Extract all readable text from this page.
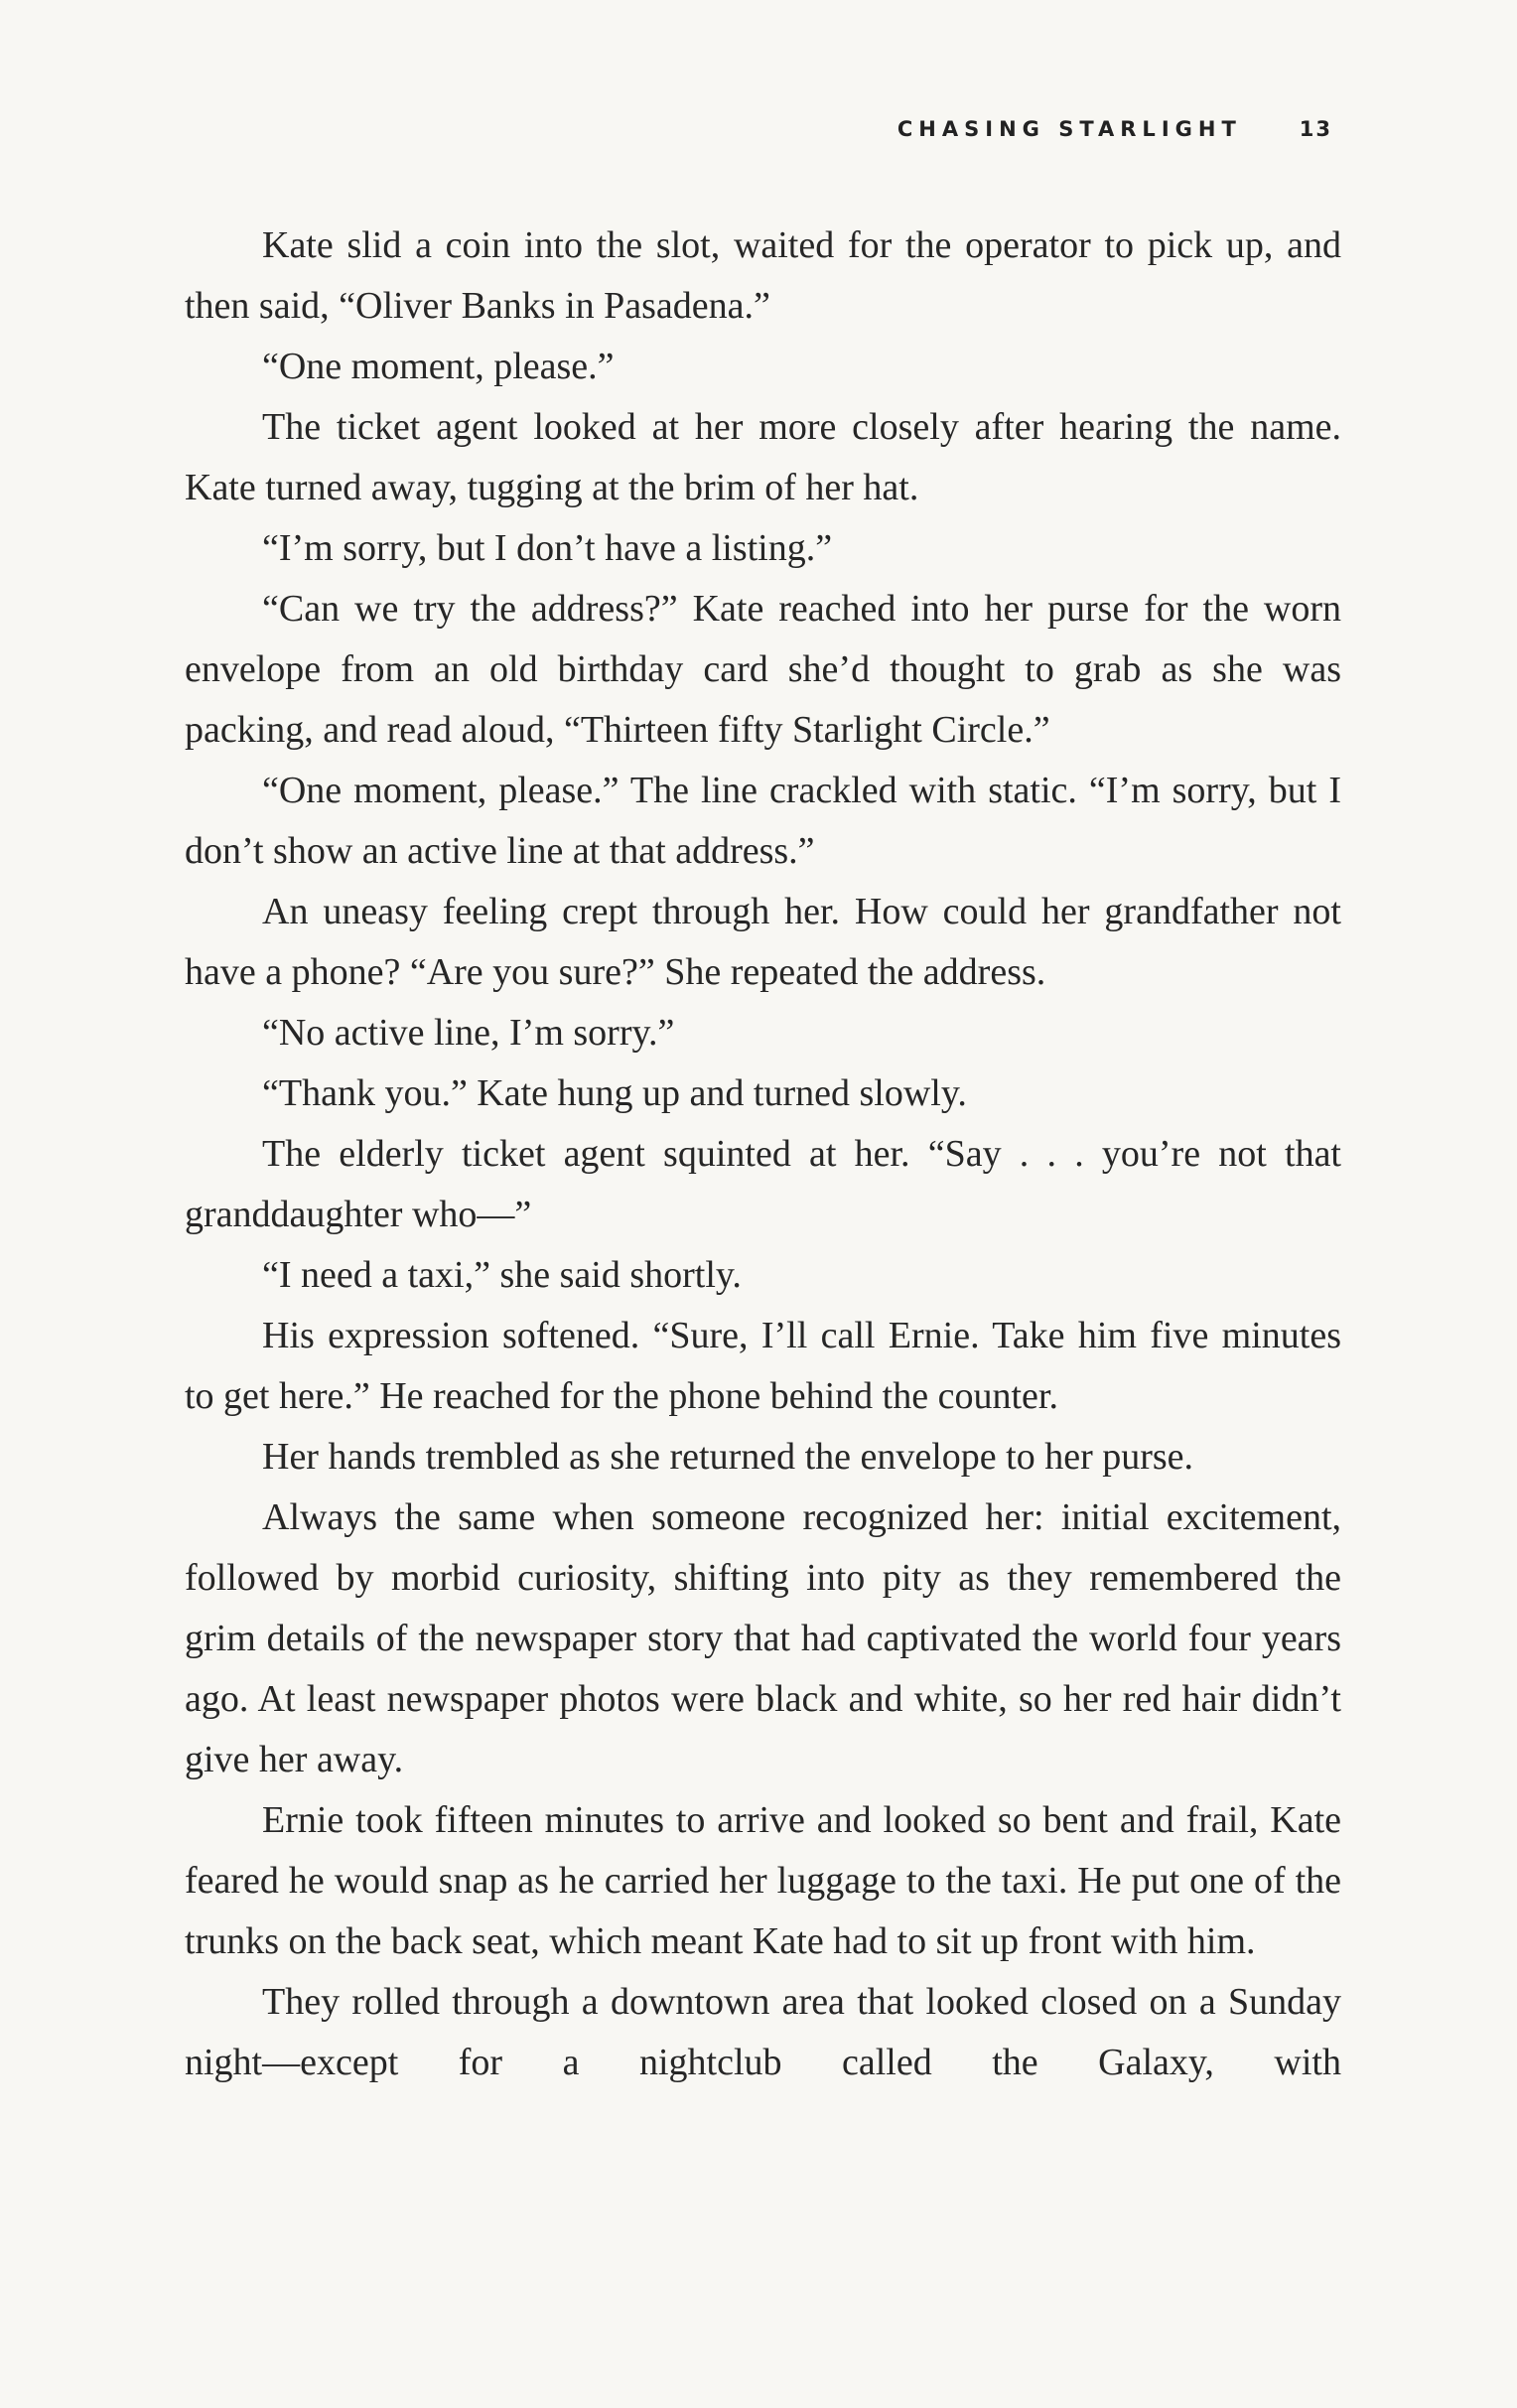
CHASING STARLIGHT	13

Kate slid a coin into the slot, waited for the operator to pick up, and then said, “Oliver Banks in Pasadena.”

“One moment, please.”

The ticket agent looked at her more closely after hearing the name. Kate turned away, tugging at the brim of her hat.

“I’m sorry, but I don’t have a listing.”

“Can we try the address?” Kate reached into her purse for the worn envelope from an old birthday card she’d thought to grab as she was packing, and read aloud, “Thirteen fifty Starlight Circle.”

“One moment, please.” The line crackled with static. “I’m sorry, but I don’t show an active line at that address.”

An uneasy feeling crept through her. How could her grandfather not have a phone? “Are you sure?” She repeated the address.

“No active line, I’m sorry.”

“Thank you.” Kate hung up and turned slowly.

The elderly ticket agent squinted at her. “Say . . . you’re not that granddaughter who—”

“I need a taxi,” she said shortly.

His expression softened. “Sure, I’ll call Ernie. Take him five minutes to get here.” He reached for the phone behind the counter.

Her hands trembled as she returned the envelope to her purse.

Always the same when someone recognized her: initial excitement, followed by morbid curiosity, shifting into pity as they remembered the grim details of the newspaper story that had captivated the world four years ago. At least newspaper photos were black and white, so her red hair didn’t give her away.

Ernie took fifteen minutes to arrive and looked so bent and frail, Kate feared he would snap as he carried her luggage to the taxi. He put one of the trunks on the back seat, which meant Kate had to sit up front with him.

They rolled through a downtown area that looked closed on a Sunday night—except for a nightclub called the Galaxy, with
